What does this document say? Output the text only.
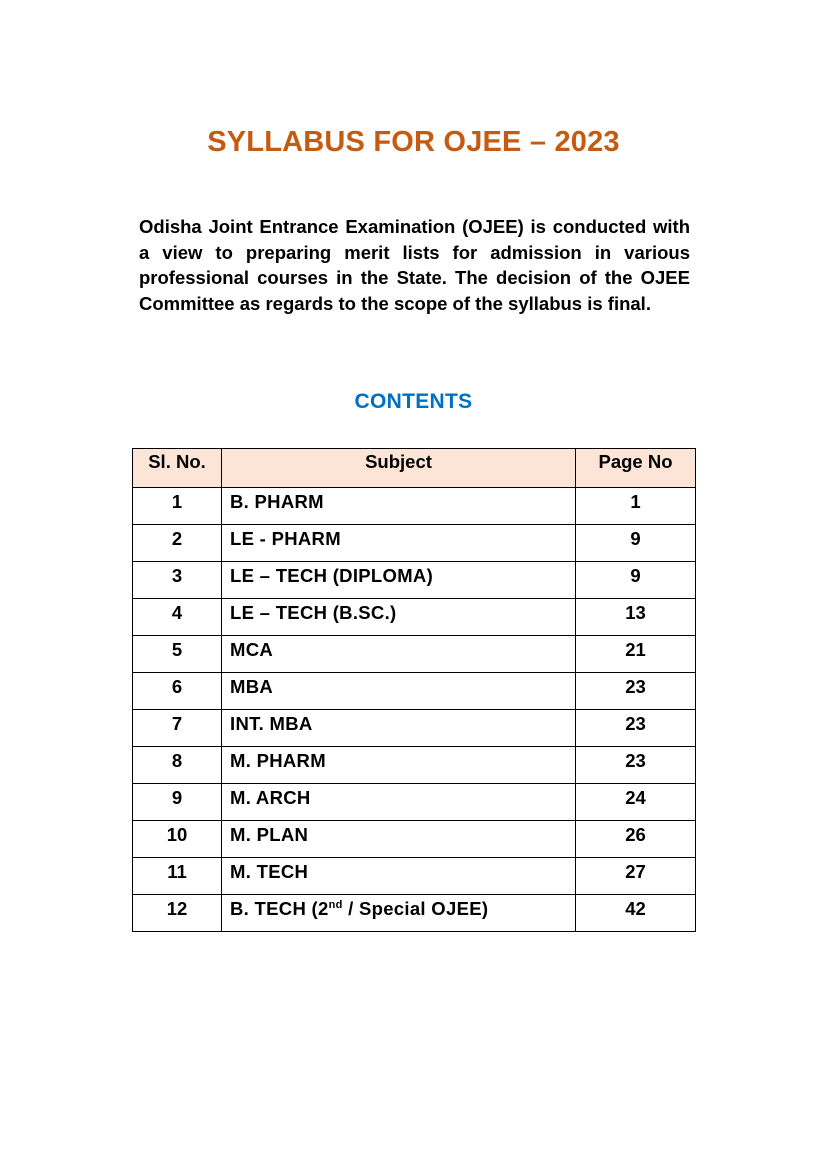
SYLLABUS FOR OJEE – 2023
Odisha Joint Entrance Examination (OJEE) is conducted with a view to preparing merit lists for admission in various professional courses in the State. The decision of the OJEE Committee as regards to the scope of the syllabus is final.
CONTENTS
Sl. No.	Subject	Page No
1	B. PHARM	1
2	LE - PHARM	9
3	LE – TECH (DIPLOMA)	9
4	LE – TECH (B.SC.)	13
5	MCA	21
6	MBA	23
7	INT. MBA	23
8	M. PHARM	23
9	M. ARCH	24
10	M. PLAN	26
11	M. TECH	27
12	B. TECH (2nd / Special OJEE)	42
